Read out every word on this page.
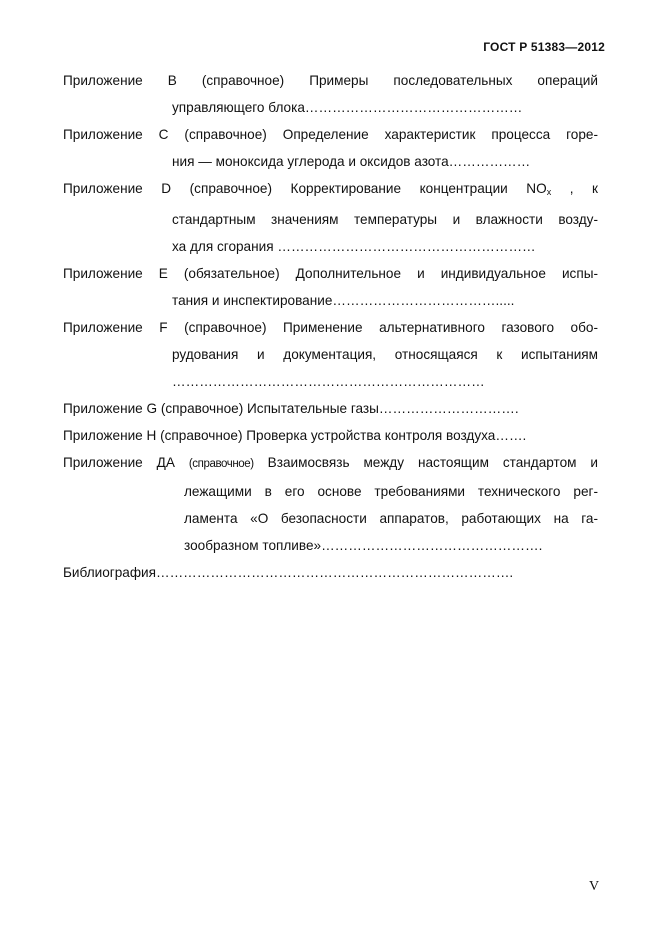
ГОСТ Р 51383—2012
Приложение В (справочное) Примеры последовательных операций
управляющего блока…………………………………………
Приложение С (справочное) Определение характеристик процесса горе-
ния — моноксида углерода и оксидов азота………………
Приложение D (справочное) Корректирование концентрации $NO_x$ , к
стандартным значениям температуры и влажности возду-
ха для сгорания …………………………………………………
Приложение Е (обязательное) Дополнительное и индивидуальное испы-
тания и инспектирование……………………………….....
Приложение F (справочное) Применение альтернативного газового обо-
рудования и документация, относящаяся к испытаниям
……………………………………………………………
Приложение G (справочное) Испытательные газы………………………….
Приложение Н (справочное) Проверка устройства контроля воздуха…….
Приложение ДА (справочное) Взаимосвязь между настоящим стандартом и
лежащими в его основе требованиями технического рег-
ламента «О безопасности аппаратов, работающих на га-
зообразном топливе»………………………………………….
Библиография…………………………………………………………………….
V
